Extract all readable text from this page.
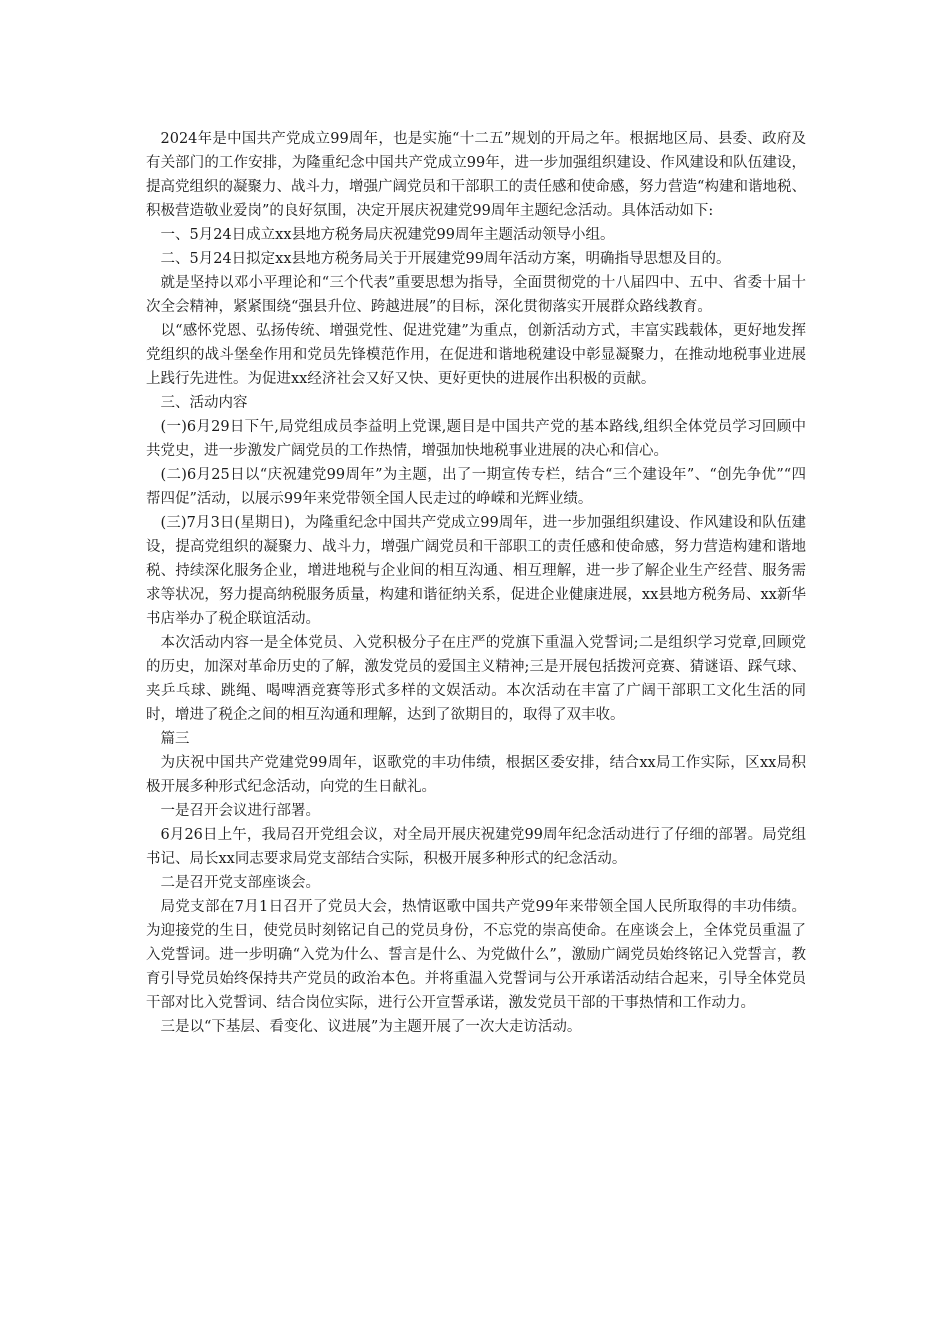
2024年是中国共产党成立99周年，也是实施“十二五”规划的开局之年。根据地区局、县委、政府及有关部门的工作安排，为隆重纪念中国共产党成立99年，进一步加强组织建设、作风建设和队伍建设，提高党组织的凝聚力、战斗力，增强广阔党员和干部职工的责任感和使命感，努力营造“构建和谐地税、积极营造敬业爱岗”的良好氛围，决定开展庆祝建党99周年主题纪念活动。具体活动如下:

一、5月24日成立xx县地方税务局庆祝建党99周年主题活动领导小组。

二、5月24日拟定xx县地方税务局关于开展建党99周年活动方案，明确指导思想及目的。

就是坚持以邓小平理论和“三个代表”重要思想为指导，全面贯彻党的十八届四中、五中、省委十届十次全会精神，紧紧围绕“强县升位、跨越进展”的目标，深化贯彻落实开展群众路线教育。

以“感怀党恩、弘扬传统、增强党性、促进党建”为重点，创新活动方式，丰富实践载体，更好地发挥党组织的战斗堡垒作用和党员先锋模范作用，在促进和谐地税建设中彰显凝聚力，在推动地税事业进展上践行先进性。为促进xx经济社会又好又快、更好更快的进展作出积极的贡献。

三、活动内容

(一)6月29日下午,局党组成员李益明上党课,题目是中国共产党的基本路线,组织全体党员学习回顾中共党史，进一步激发广阔党员的工作热情，增强加快地税事业进展的决心和信心。

(二)6月25日以“庆祝建党99周年”为主题，出了一期宣传专栏，结合“三个建设年”、“创先争优”“四帮四促”活动，以展示99年来党带领全国人民走过的峥嵘和光辉业绩。

(三)7月3日(星期日)，为隆重纪念中国共产党成立99周年，进一步加强组织建设、作风建设和队伍建设，提高党组织的凝聚力、战斗力，增强广阔党员和干部职工的责任感和使命感，努力营造构建和谐地税、持续深化服务企业，增进地税与企业间的相互沟通、相互理解，进一步了解企业生产经营、服务需求等状况，努力提高纳税服务质量，构建和谐征纳关系，促进企业健康进展，xx县地方税务局、xx新华书店举办了税企联谊活动。

本次活动内容一是全体党员、入党积极分子在庄严的党旗下重温入党誓词;二是组织学习党章,回顾党的历史，加深对革命历史的了解，激发党员的爱国主义精神;三是开展包括拨河竞赛、猜谜语、踩气球、夹乒乓球、跳绳、喝啤酒竞赛等形式多样的文娱活动。本次活动在丰富了广阔干部职工文化生活的同时，增进了税企之间的相互沟通和理解，达到了欲期目的，取得了双丰收。

篇三

为庆祝中国共产党建党99周年，讴歌党的丰功伟绩，根据区委安排，结合xx局工作实际，区xx局积极开展多种形式纪念活动，向党的生日献礼。

一是召开会议进行部署。

6月26日上午，我局召开党组会议，对全局开展庆祝建党99周年纪念活动进行了仔细的部署。局党组书记、局长xx同志要求局党支部结合实际，积极开展多种形式的纪念活动。

二是召开党支部座谈会。

局党支部在7月1日召开了党员大会，热情讴歌中国共产党99年来带领全国人民所取得的丰功伟绩。为迎接党的生日，使党员时刻铭记自己的党员身份，不忘党的崇高使命。在座谈会上，全体党员重温了入党誓词。进一步明确“入党为什么、誓言是什么、为党做什么”，激励广阔党员始终铭记入党誓言，教育引导党员始终保持共产党员的政治本色。并将重温入党誓词与公开承诺活动结合起来，引导全体党员干部对比入党誓词、结合岗位实际，进行公开宣誓承诺，激发党员干部的干事热情和工作动力。

三是以“下基层、看变化、议进展”为主题开展了一次大走访活动。
